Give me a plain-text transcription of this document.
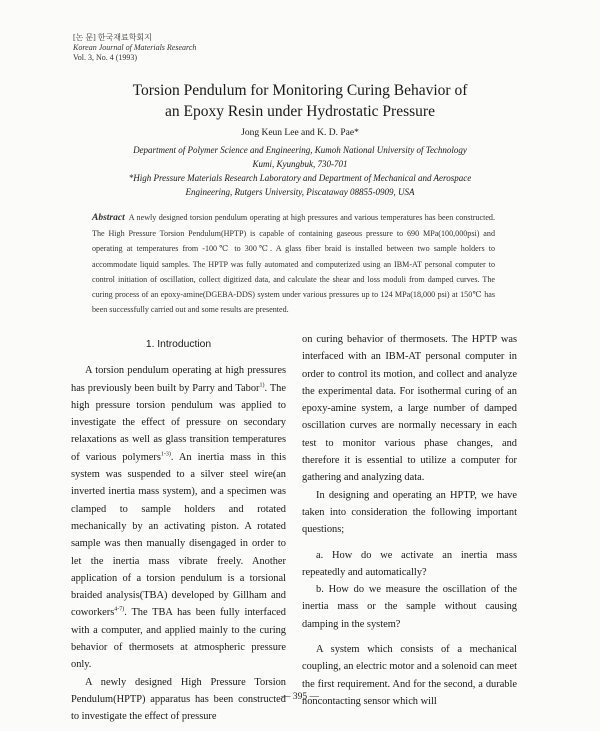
[논 문] 한국재료학회지
Korean Journal of Materials Research
Vol. 3, No. 4 (1993)
Torsion Pendulum for Monitoring Curing Behavior of
an Epoxy Resin under Hydrostatic Pressure
Jong Keun Lee and K. D. Pae*
Department of Polymer Science and Engineering, Kumoh National University of Technology
Kumi, Kyungbuk, 730-701
*High Pressure Materials Research Laboratory and Department of Mechanical and Aerospace
Engineering, Rutgers University, Piscataway 08855-0909, USA
Abstract A newly designed torsion pendulum operating at high pressures and various temperatures has been constructed. The High Pressure Torsion Pendulum(HPTP) is capable of containing gaseous pressure to 690 MPa(100,000psi) and operating at temperatures from -100℃ to 300℃. A glass fiber braid is installed between two sample holders to accommodate liquid samples. The HPTP was fully automated and computerized using an IBM-AT personal computer to control initiation of oscillation, collect digitized data, and calculate the shear and loss moduli from damped curves. The curing process of an epoxy-amine(DGEBA-DDS) system under various pressures up to 124 MPa(18,000 psi) at 150℃ has been successfully carried out and some results are presented.
1. Introduction

A torsion pendulum operating at high pressures has previously been built by Parry and Tabor$^{1)}$. The high pressure torsion pendulum was applied to investigate the effect of pressure on secondary relaxations as well as glass transition temperatures of various polymers$^{1-3)}$. An inertia mass in this system was suspended to a silver steel wire(an inverted inertia mass system), and a specimen was clamped to sample holders and rotated mechanically by an activating piston. A rotated sample was then manually disengaged in order to let the inertia mass vibrate freely. Another application of a torsion pendulum is a torsional braided analysis(TBA) developed by Gillham and coworkers$^{4-7)}$. The TBA has been fully interfaced with a computer, and applied mainly to the curing behavior of thermosets at atmospheric pressure only.

A newly designed High Pressure Torsion Pendulum(HPTP) apparatus has been constructed to investigate the effect of pressure

on curing behavior of thermosets. The HPTP was interfaced with an IBM-AT personal computer in order to control its motion, and collect and analyze the experimental data. For isothermal curing of an epoxy-amine system, a large number of damped oscillation curves are normally necessary in each test to monitor various phase changes, and therefore it is essential to utilize a computer for gathering and analyzing data.

In designing and operating an HPTP, we have taken into consideration the following important questions;

a. How do we activate an inertia mass repeatedly and automatically?

b. How do we measure the oscillation of the inertia mass or the sample without causing damping in the system?

A system which consists of a mechanical coupling, an electric motor and a solenoid can meet the first requirement. And for the second, a durable noncontacting sensor which will

— 395 —
